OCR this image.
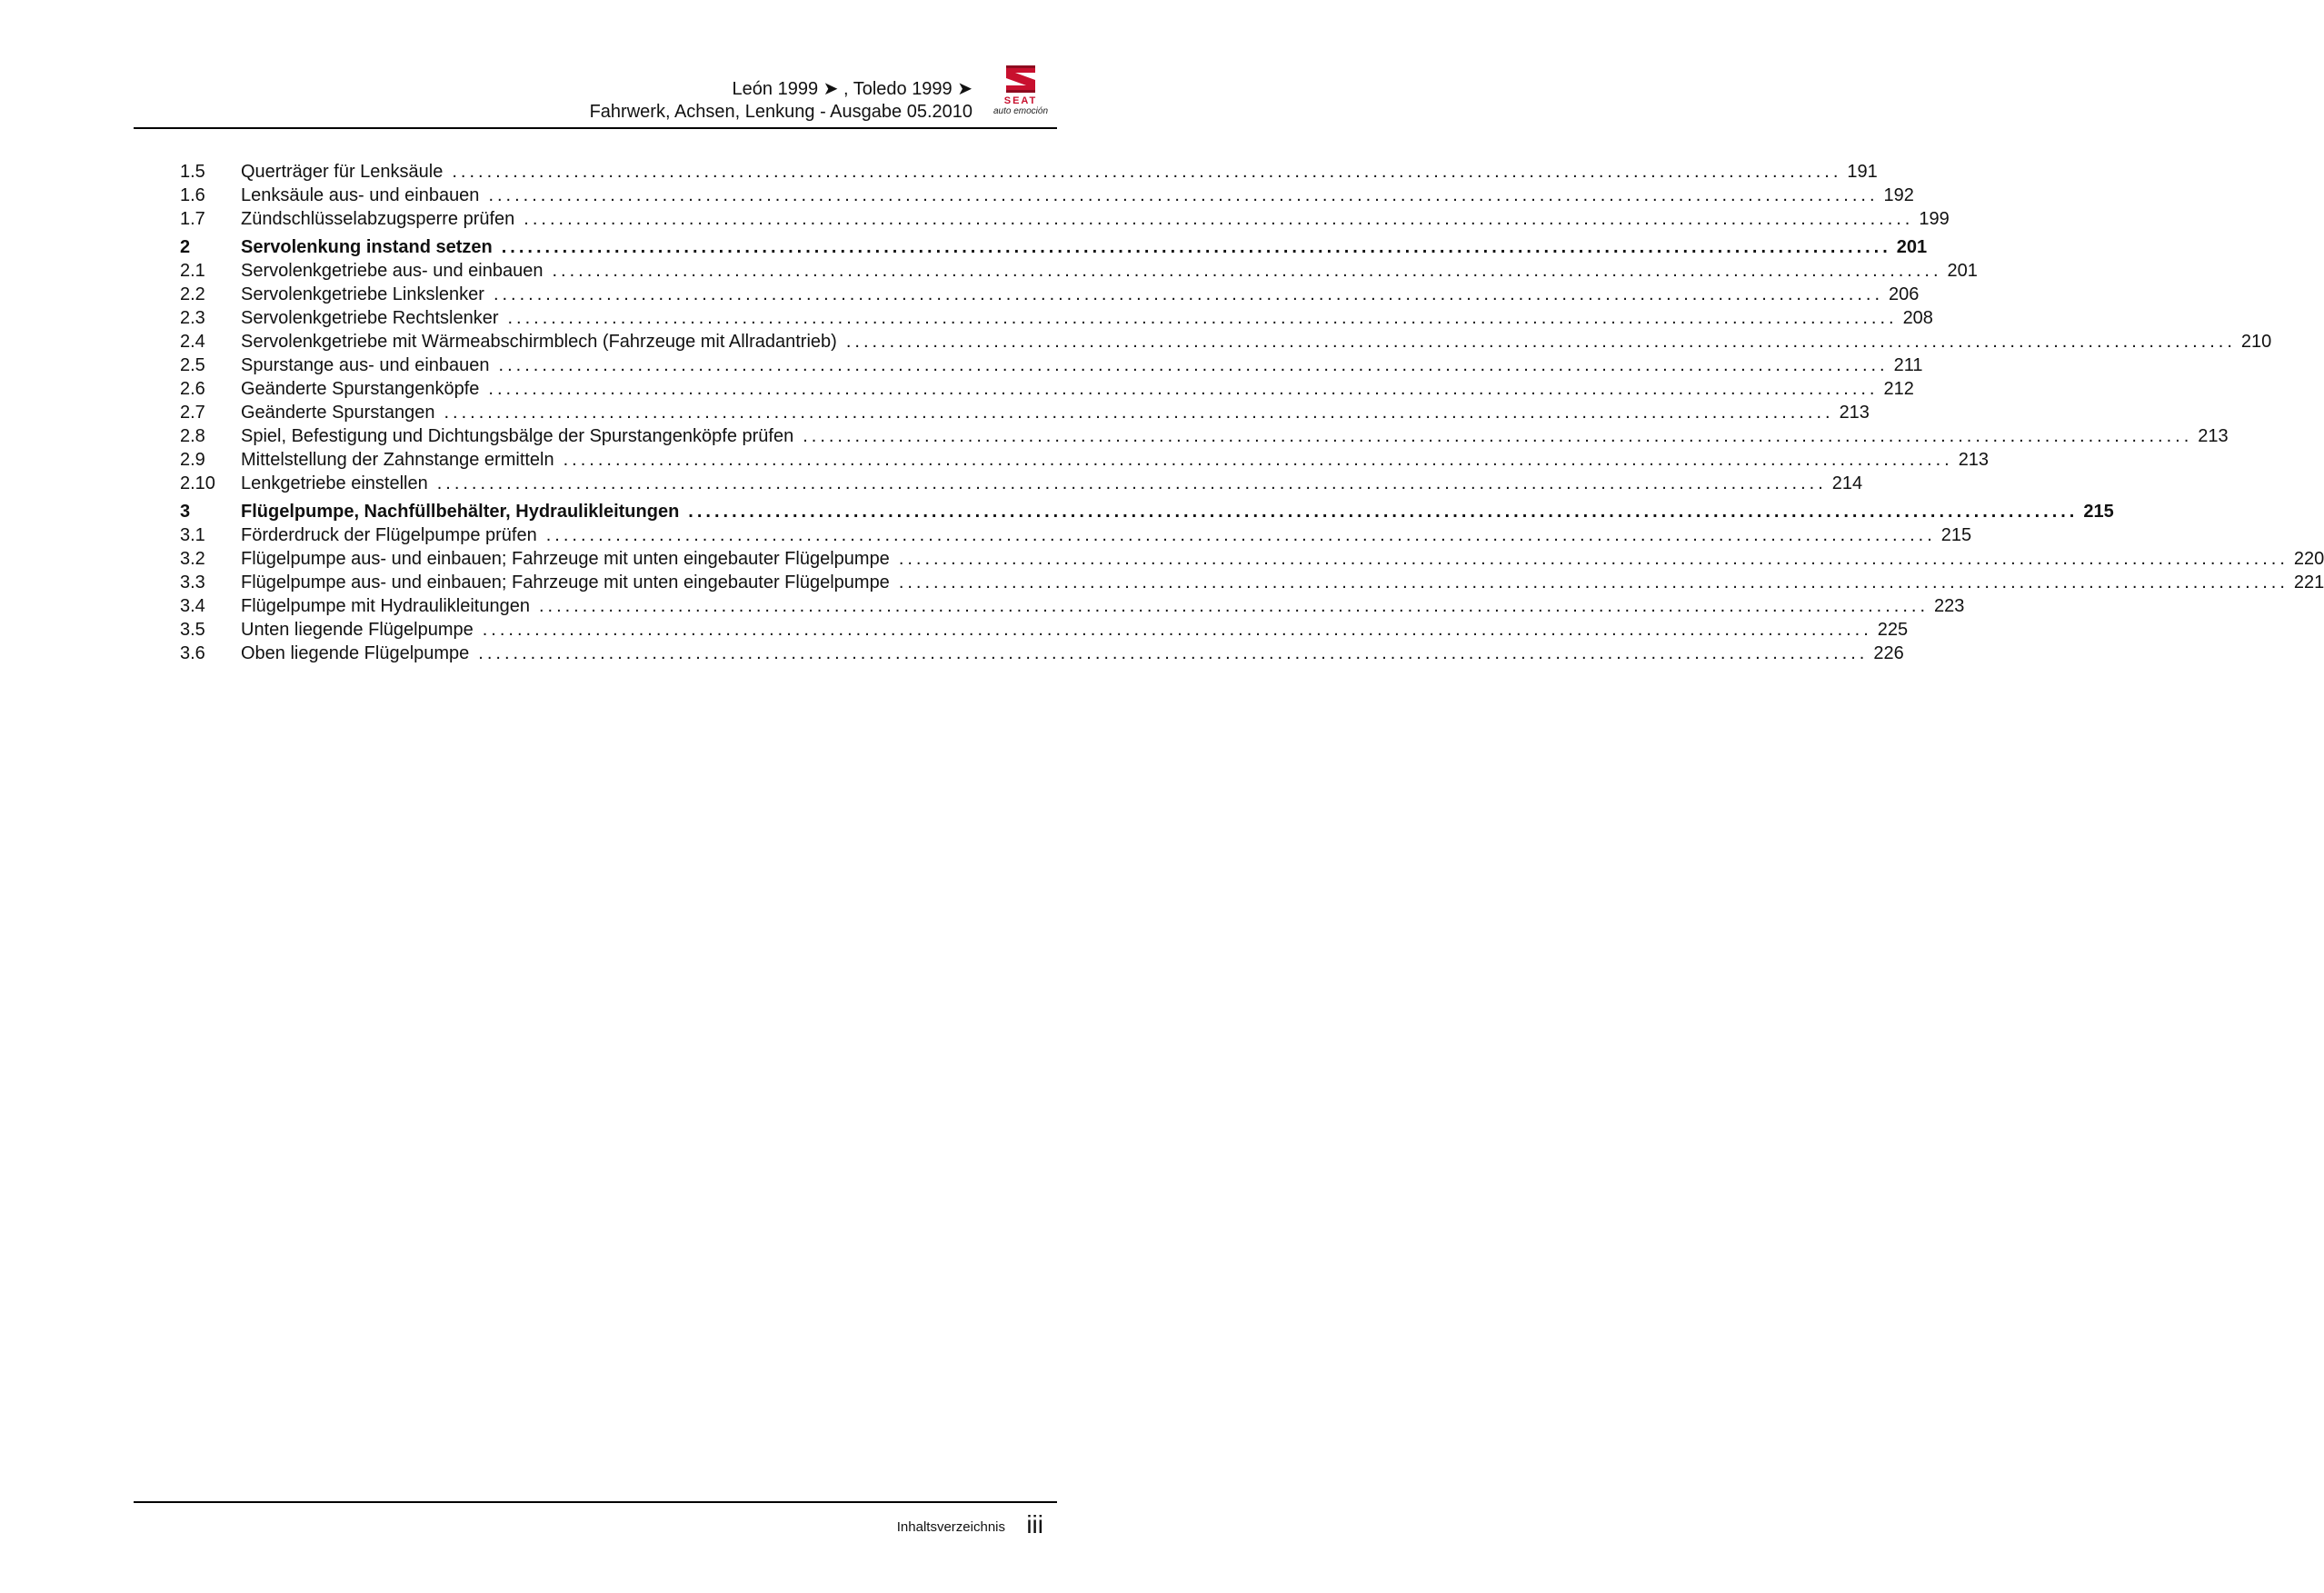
León 1999 ➤ , Toledo 1999 ➤
Fahrwerk, Achsen, Lenkung - Ausgabe 05.2010
SEAT
auto emoción
1.5	Querträger für Lenksäule ................................................................................................................................................................ 191
1.6	Lenksäule aus- und einbauen ................................................................................................................................................................ 192
1.7	Zündschlüsselabzugsperre prüfen ................................................................................................................................................................ 199
2	Servolenkung instand setzen ................................................................................................................................................................ 201
2.1	Servolenkgetriebe aus- und einbauen ................................................................................................................................................................ 201
2.2	Servolenkgetriebe Linkslenker ................................................................................................................................................................ 206
2.3	Servolenkgetriebe Rechtslenker ................................................................................................................................................................ 208
2.4	Servolenkgetriebe mit Wärmeabschirmblech (Fahrzeuge mit Allradantrieb) ................................................................................................................................................................ 210
2.5	Spurstange aus- und einbauen ................................................................................................................................................................ 211
2.6	Geänderte Spurstangenköpfe ................................................................................................................................................................ 212
2.7	Geänderte Spurstangen ................................................................................................................................................................ 213
2.8	Spiel, Befestigung und Dichtungsbälge der Spurstangenköpfe prüfen ................................................................................................................................................................ 213
2.9	Mittelstellung der Zahnstange ermitteln ................................................................................................................................................................ 213
2.10	Lenkgetriebe einstellen ................................................................................................................................................................ 214
3	Flügelpumpe, Nachfüllbehälter, Hydraulikleitungen ................................................................................................................................................................ 215
3.1	Förderdruck der Flügelpumpe prüfen ................................................................................................................................................................ 215
3.2	Flügelpumpe aus- und einbauen; Fahrzeuge mit unten eingebauter Flügelpumpe ................................................................................................................................................................ 220
3.3	Flügelpumpe aus- und einbauen; Fahrzeuge mit unten eingebauter Flügelpumpe ................................................................................................................................................................ 221
3.4	Flügelpumpe mit Hydraulikleitungen ................................................................................................................................................................ 223
3.5	Unten liegende Flügelpumpe ................................................................................................................................................................ 225
3.6	Oben liegende Flügelpumpe ................................................................................................................................................................ 226
Inhaltsverzeichnis iii
